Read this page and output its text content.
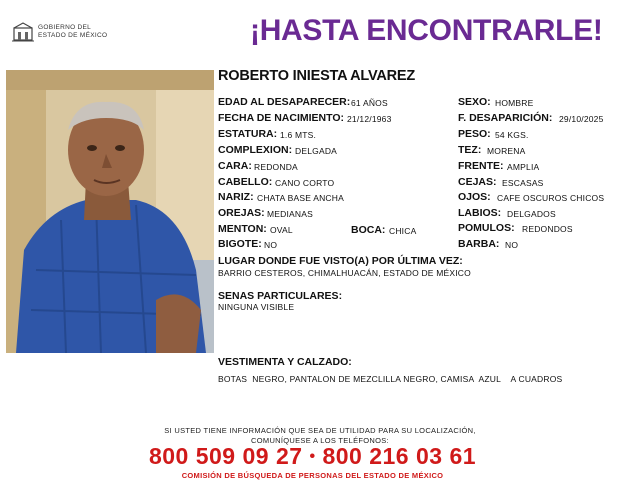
GOBIERNO DEL
ESTADO DE MÉXICO	¡HASTA ENCONTRARLE!
ROBERTO INIESTA ALVAREZ
EDAD AL DESAPARECER: 61 AÑOS
FECHA DE NACIMIENTO: 21/12/1963
ESTATURA: 1.6 MTS.
COMPLEXION: DELGADA
CARA: REDONDA
CABELLO: CANO CORTO
NARIZ: CHATA BASE ANCHA
OREJAS: MEDIANAS
MENTON: OVAL	BOCA: CHICA
BIGOTE: NO
SEXO: HOMBRE
F. DESAPARICIÓN: 29/10/2025
PESO: 54 KGS.
TEZ: MORENA
FRENTE: AMPLIA
CEJAS: ESCASAS
OJOS: CAFE OSCUROS CHICOS
LABIOS: DELGADOS
POMULOS: REDONDOS
BARBA: NO
LUGAR DONDE FUE VISTO(A) POR ÚLTIMA VEZ:
BARRIO CESTEROS, CHIMALHUACÁN, ESTADO DE MÉXICO
SENAS PARTICULARES:
NINGUNA VISIBLE
VESTIMENTA Y CALZADO:
BOTAS  NEGRO, PANTALON DE MEZCLILLA NEGRO, CAMISA  AZUL    A CUADROS
SI USTED TIENE INFORMACIÓN QUE SEA DE UTILIDAD PARA SU LOCALIZACIÓN,
COMUNÍQUESE A LOS TELÉFONOS:
800 509 09 27 • 800 216 03 61
COMISIÓN DE BÚSQUEDA DE PERSONAS DEL ESTADO DE MÉXICO
